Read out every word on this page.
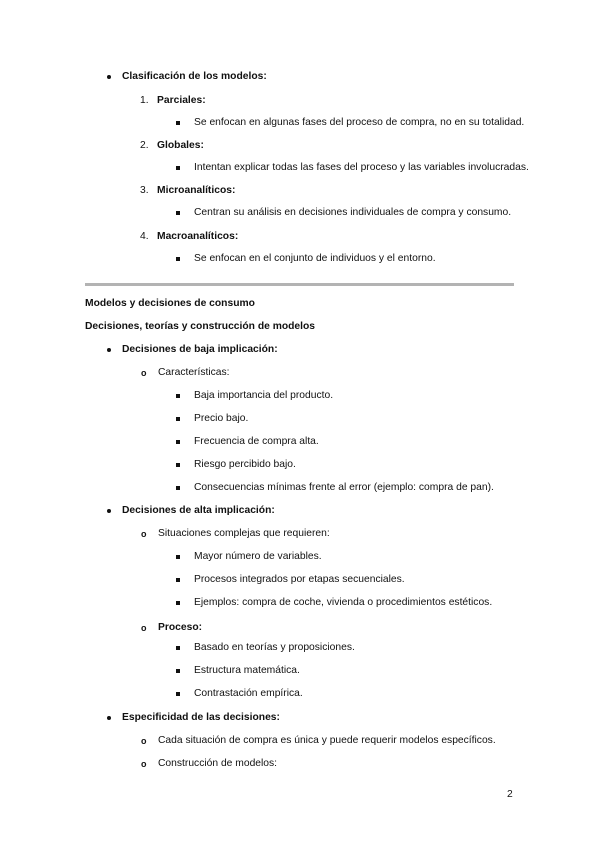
Clasificación de los modelos:
1. Parciales:
Se enfocan en algunas fases del proceso de compra, no en su totalidad.
2. Globales:
Intentan explicar todas las fases del proceso y las variables involucradas.
3. Microanalíticos:
Centran su análisis en decisiones individuales de compra y consumo.
4. Macroanalíticos:
Se enfocan en el conjunto de individuos y el entorno.
Modelos y decisiones de consumo
Decisiones, teorías y construcción de modelos
Decisiones de baja implicación:
o Características:
Baja importancia del producto.
Precio bajo.
Frecuencia de compra alta.
Riesgo percibido bajo.
Consecuencias mínimas frente al error (ejemplo: compra de pan).
Decisiones de alta implicación:
o Situaciones complejas que requieren:
Mayor número de variables.
Procesos integrados por etapas secuenciales.
Ejemplos: compra de coche, vivienda o procedimientos estéticos.
o Proceso:
Basado en teorías y proposiciones.
Estructura matemática.
Contrastación empírica.
Especificidad de las decisiones:
o Cada situación de compra es única y puede requerir modelos específicos.
o Construcción de modelos:
2
